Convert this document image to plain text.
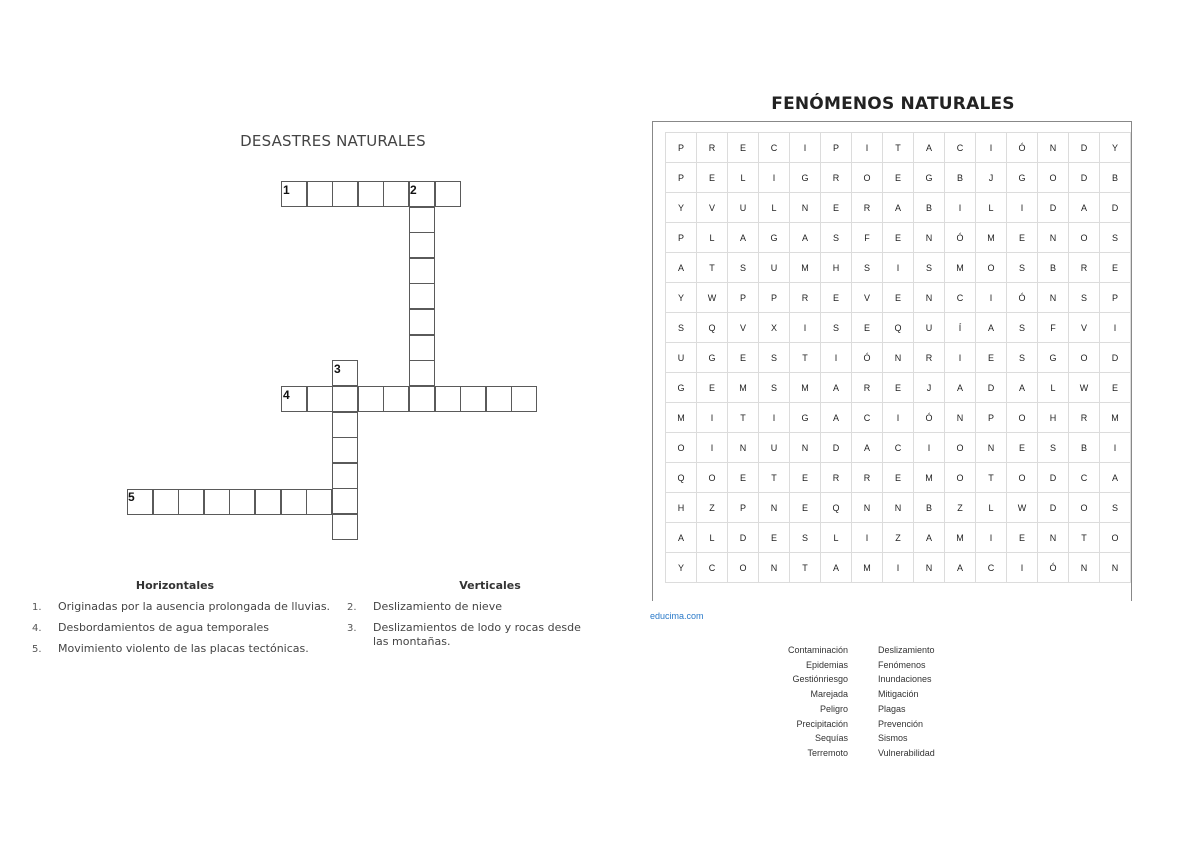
DESASTRES NATURALES
1	2
3
4
5
Horizontales	Verticales
1. Originadas por la ausencia prolongada de lluvias.
4. Desbordamientos de agua temporales
5. Movimiento violento de las placas tectónicas.
2. Deslizamiento de nieve
3. Deslizamientos de lodo y rocas desde las montañas.
FENÓMENOS NATURALES
P	R	E	C	I	P	I	T	A	C	I	Ó	N	D	Y
P	E	L	I	G	R	O	E	G	B	J	G	O	D	B
Y	V	U	L	N	E	R	A	B	I	L	I	D	A	D
P	L	A	G	A	S	F	E	N	Ó	M	E	N	O	S
A	T	S	U	M	H	S	I	S	M	O	S	B	R	E
Y	W	P	P	R	E	V	E	N	C	I	Ó	N	S	P
S	Q	V	X	I	S	E	Q	U	Í	A	S	F	V	I
U	G	E	S	T	I	Ó	N	R	I	E	S	G	O	D
G	E	M	S	M	A	R	E	J	A	D	A	L	W	E
M	I	T	I	G	A	C	I	Ó	N	P	O	H	R	M
O	I	N	U	N	D	A	C	I	O	N	E	S	B	I
Q	O	E	T	E	R	R	E	M	O	T	O	D	C	A
H	Z	P	N	E	Q	N	N	B	Z	L	W	D	O	S
A	L	D	E	S	L	I	Z	A	M	I	E	N	T	O
Y	C	O	N	T	A	M	I	N	A	C	I	Ó	N	N
educima.com
Contaminación
Epidemias
Gestiónriesgo
Marejada
Peligro
Precipitación
Sequías
Terremoto
Deslizamiento
Fenómenos
Inundaciones
Mitigación
Plagas
Prevención
Sismos
Vulnerabilidad
